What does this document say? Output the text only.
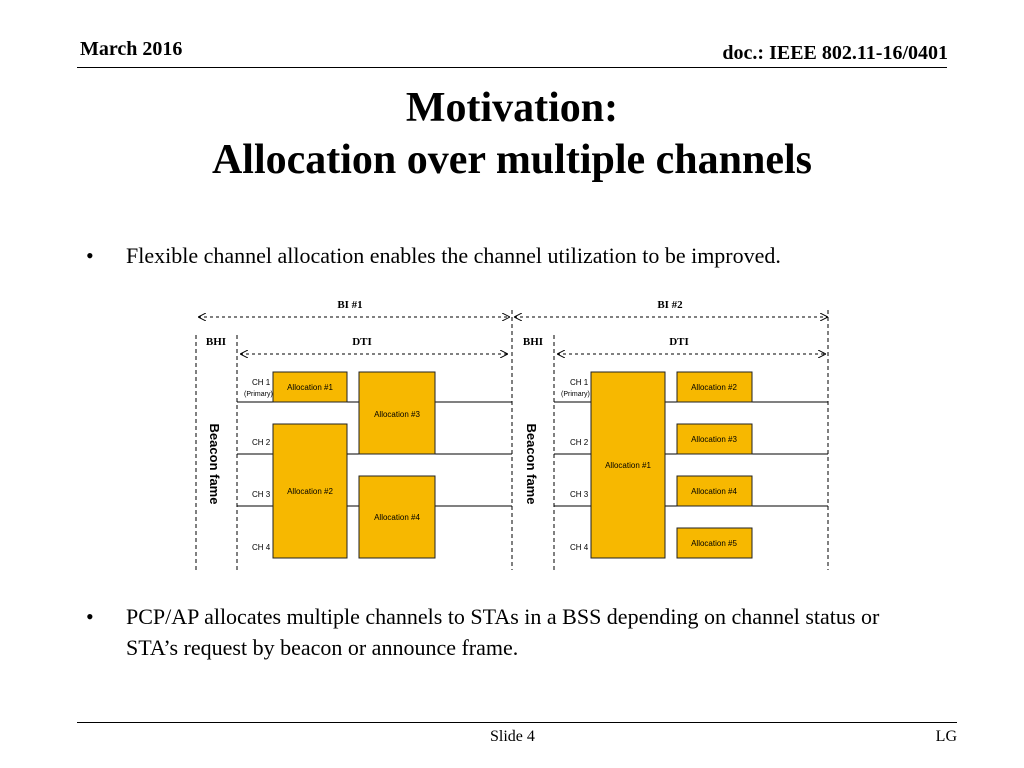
March 2016	doc.: IEEE 802.11-16/0401
Motivation:
Allocation over multiple channels
• Flexible channel allocation enables the channel utilization to be improved.
BI #1	BI #2
BHI	DTI	BHI	DTI
Beacon fame	Beacon fame
CH 1
(Primary)
CH 2
CH 3
CH 4
CH 1
(Primary)
CH 2
CH 3
CH 4
Allocation #1
Allocation #3
Allocation #2
Allocation #4
Allocation #1
Allocation #2
Allocation #3
Allocation #4
Allocation #5
• PCP/AP allocates multiple channels to STAs in a BSS depending on channel status or STA’s request by beacon or announce frame.
Slide 4	LG
